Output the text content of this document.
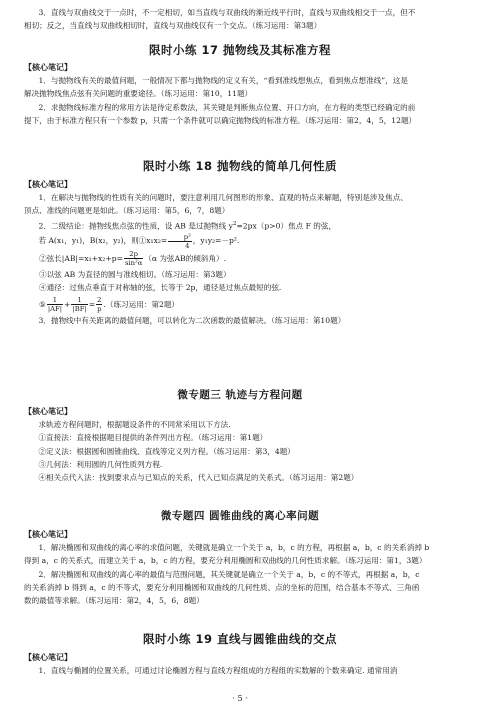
3．直线与双曲线交于一点时，不一定相切，如当直线与双曲线的渐近线平行时，直线与双曲线相交于一点，但不

相切；反之，当直线与双曲线相切时，直线与双曲线仅有一个交点。（练习运用：第3题）

限时小练 17 抛物线及其标准方程

【核心笔记】

1．与抛物线有关的最值问题，一般情况下都与抛物线的定义有关，“看到准线想焦点，看到焦点想准线”，这是

解决抛物线焦点弦有关问题的重要途径。（练习运用：第10，11题）

2．求抛物线标准方程的常用方法是待定系数法，其关键是判断焦点位置、开口方向，在方程的类型已经确定的前

提下，由于标准方程只有一个参数 p，只需一个条件就可以确定抛物线的标准方程。（练习运用：第2，4，5，12题）

限时小练 18 抛物线的简单几何性质

【核心笔记】

1．在解决与抛物线的性质有关的问题时，要注意利用几何图形的形象、直观的特点来解题，特别是涉及焦点、

顶点、准线的问题更是如此。（练习运用：第5，6，7，8题）

2．二级结论：抛物线焦点弦的性质，设 AB 是过抛物线 $y^2=2px(p>0)$焦点 F 的弦，

若 A(x₁，y₁)，B(x₂，y₂)，则①x₁x₂= $\frac{\text{p²}}{4}$ ，y₁y₂=－p².

②弦长$|AB|=x_1+x_2+p= \frac{2p}{\text{sin²α}} (\alpha$ 为弦AB的倾斜角）.

③以弦 AB 为直径的圆与准线相切。（练习运用：第3题）

④通径：过焦点垂直于对称轴的弦，长等于 2p，通径是过焦点最短的弦.

⑤ $\frac{1}{|AF|} + \frac{1}{|BF|} = \frac{2}{p}$ .（练习运用：第2题）

3．抛物线中有关距离的最值问题，可以转化为二次函数的最值解决。（练习运用：第10题）

微专题三 轨迹与方程问题

【核心笔记】

求轨迹方程问题时，根据题设条件的不同常采用以下方法.

①直接法：直接根据题目提供的条件列出方程。（练习运用：第1题）

②定义法：根据圆和圆锥曲线、直线等定义列方程。（练习运用：第3，4题）

③几何法：利用圆的几何性质列方程.

④相关点代入法：找到要求点与已知点的关系，代入已知点满足的关系式。（练习运用：第2题）

微专题四 圆锥曲线的离心率问题

【核心笔记】

1．解决椭圆和双曲线的离心率的求值问题，关键就是确立一个关于 a，b，c 的方程，再根据 a，b，c 的关系消掉 b

得到 a，c 的关系式，而建立关于 a，b，c 的方程，要充分利用椭圆和双曲线的几何性质求解。（练习运用：第1，3题）

2．解决椭圆和双曲线的离心率的最值与范围问题，其关键就是确立一个关于 a，b，c 的不等式，再根据 a，b，c

的关系消掉 b 得到 a，c 的不等式，要充分利用椭圆和双曲线的几何性质、点的坐标的范围，结合基本不等式、三角函

数的最值等求解。（练习运用：第2，4，5，6，8题）

限时小练 19 直线与圆锥曲线的交点

【核心笔记】

1．直线与椭圆的位置关系，可通过讨论椭圆方程与直线方程组成的方程组的实数解的个数来确定. 通常用消

· 5 ·
